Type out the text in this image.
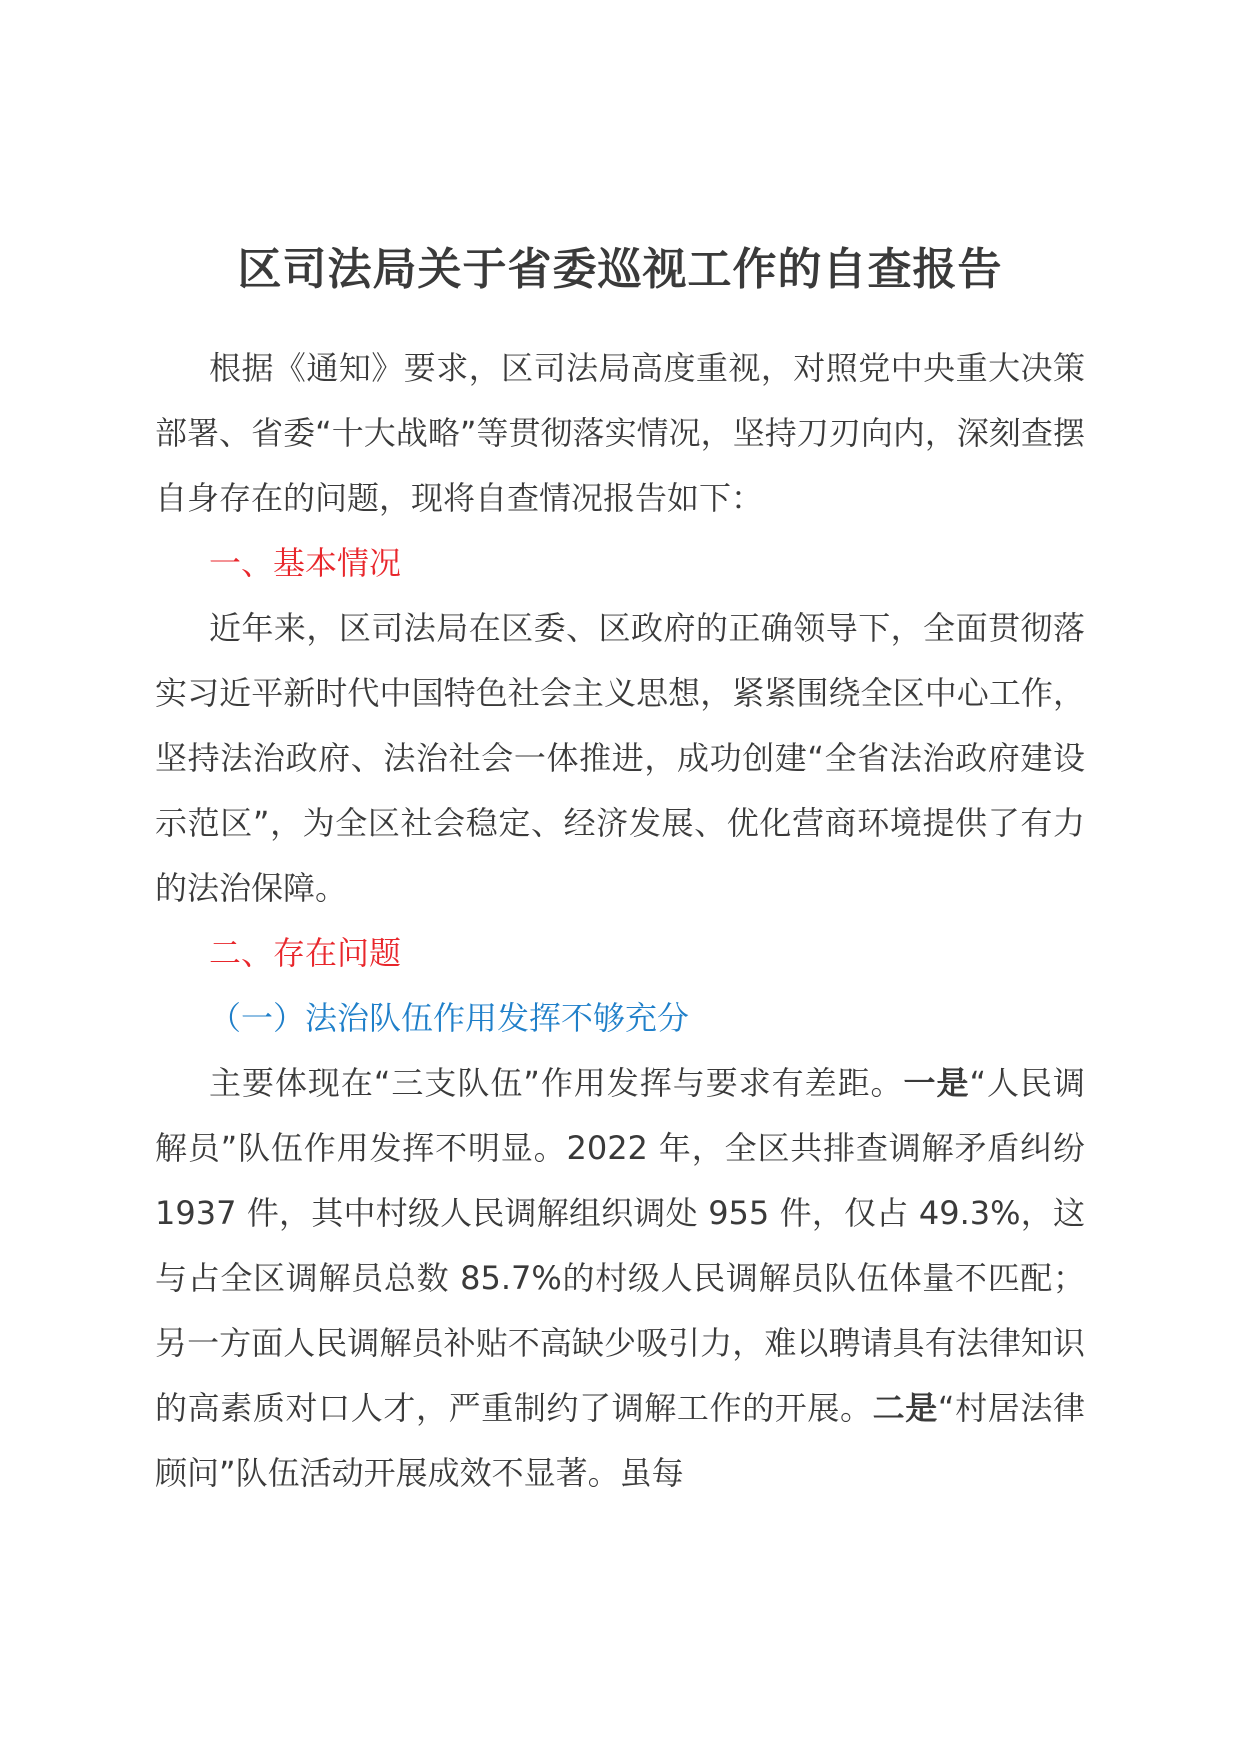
区司法局关于省委巡视工作的自查报告

根据《通知》要求，区司法局高度重视，对照党中央重大决策部署、省委“十大战略”等贯彻落实情况，坚持刀刃向内，深刻查摆自身存在的问题，现将自查情况报告如下：

一、基本情况

近年来，区司法局在区委、区政府的正确领导下，全面贯彻落实习近平新时代中国特色社会主义思想，紧紧围绕全区中心工作，坚持法治政府、法治社会一体推进，成功创建“全省法治政府建设示范区”，为全区社会稳定、经济发展、优化营商环境提供了有力的法治保障。

二、存在问题

（一）法治队伍作用发挥不够充分

主要体现在“三支队伍”作用发挥与要求有差距。一是“人民调解员”队伍作用发挥不明显。2022 年，全区共排查调解矛盾纠纷 1937 件，其中村级人民调解组织调处 955 件，仅占 49.3%，这与占全区调解员总数 85.7%的村级人民调解员队伍体量不匹配；另一方面人民调解员补贴不高缺少吸引力，难以聘请具有法律知识的高素质对口人才，严重制约了调解工作的开展。二是“村居法律顾问”队伍活动开展成效不显著。虽每
